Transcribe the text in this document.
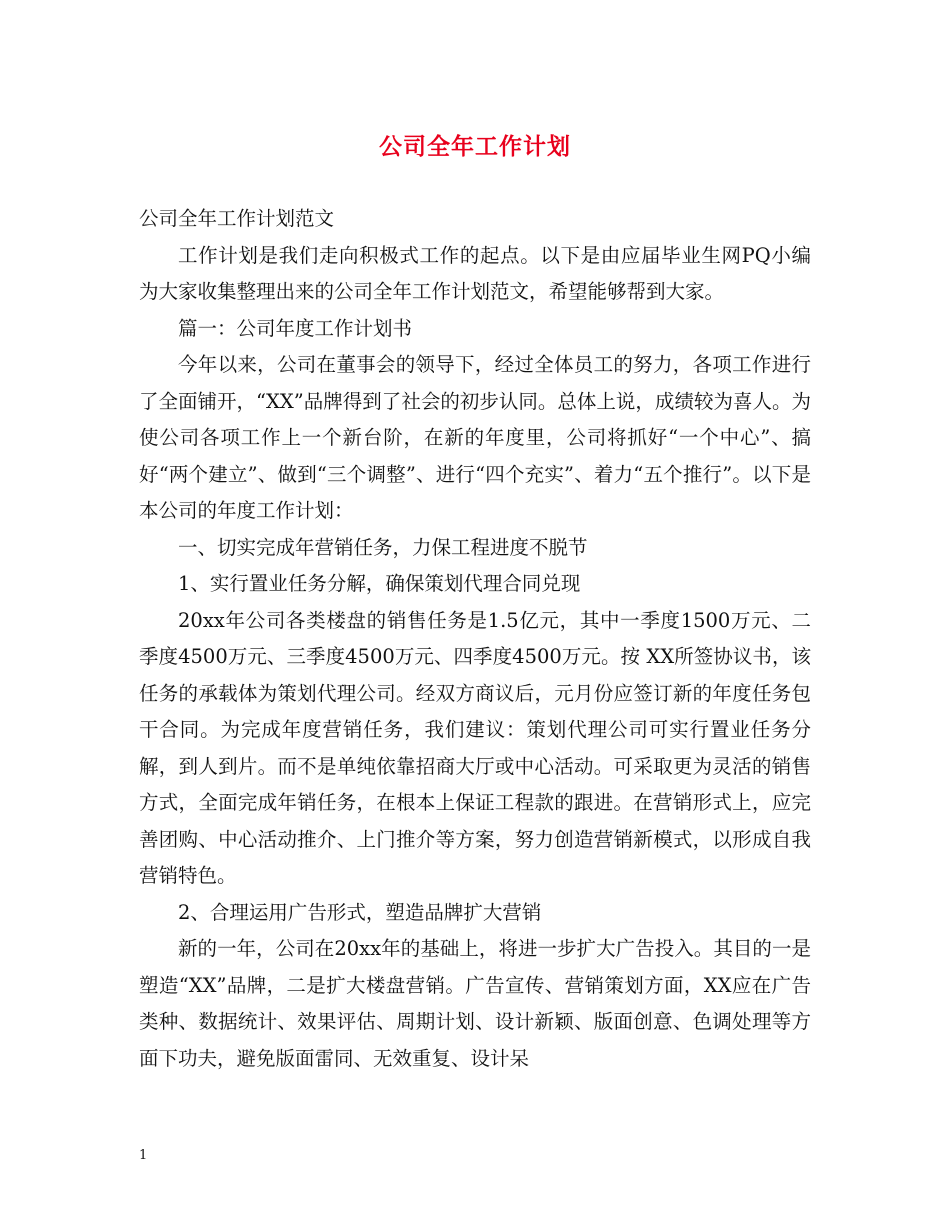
公司全年工作计划

公司全年工作计划范文

工作计划是我们走向积极式工作的起点。以下是由应届毕业生网PQ小编为大家收集整理出来的公司全年工作计划范文，希望能够帮到大家。

篇一：公司年度工作计划书

今年以来，公司在董事会的领导下，经过全体员工的努力，各项工作进行了全面铺开，“XX”品牌得到了社会的初步认同。总体上说，成绩较为喜人。为使公司各项工作上一个新台阶，在新的年度里，公司将抓好“一个中心”、搞好“两个建立”、做到“三个调整”、进行“四个充实”、着力“五个推行”。以下是本公司的年度工作计划：

一、切实完成年营销任务，力保工程进度不脱节

1、实行置业任务分解，确保策划代理合同兑现

20xx年公司各类楼盘的销售任务是1.5亿元，其中一季度1500万元、二季度4500万元、三季度4500万元、四季度4500万元。按 XX所签协议书，该任务的承载体为策划代理公司。经双方商议后，元月份应签订新的年度任务包干合同。为完成年度营销任务，我们建议：策划代理公司可实行置业任务分解，到人到片。而不是单纯依靠招商大厅或中心活动。可采取更为灵活的销售方式，全面完成年销任务，在根本上保证工程款的跟进。在营销形式上，应完善团购、中心活动推介、上门推介等方案，努力创造营销新模式，以形成自我营销特色。

2、合理运用广告形式，塑造品牌扩大营销

新的一年，公司在20xx年的基础上，将进一步扩大广告投入。其目的一是塑造“XX”品牌，二是扩大楼盘营销。广告宣传、营销策划方面，XX应在广告类种、数据统计、效果评估、周期计划、设计新颖、版面创意、色调处理等方面下功夫，避免版面雷同、无效重复、设计呆

1
